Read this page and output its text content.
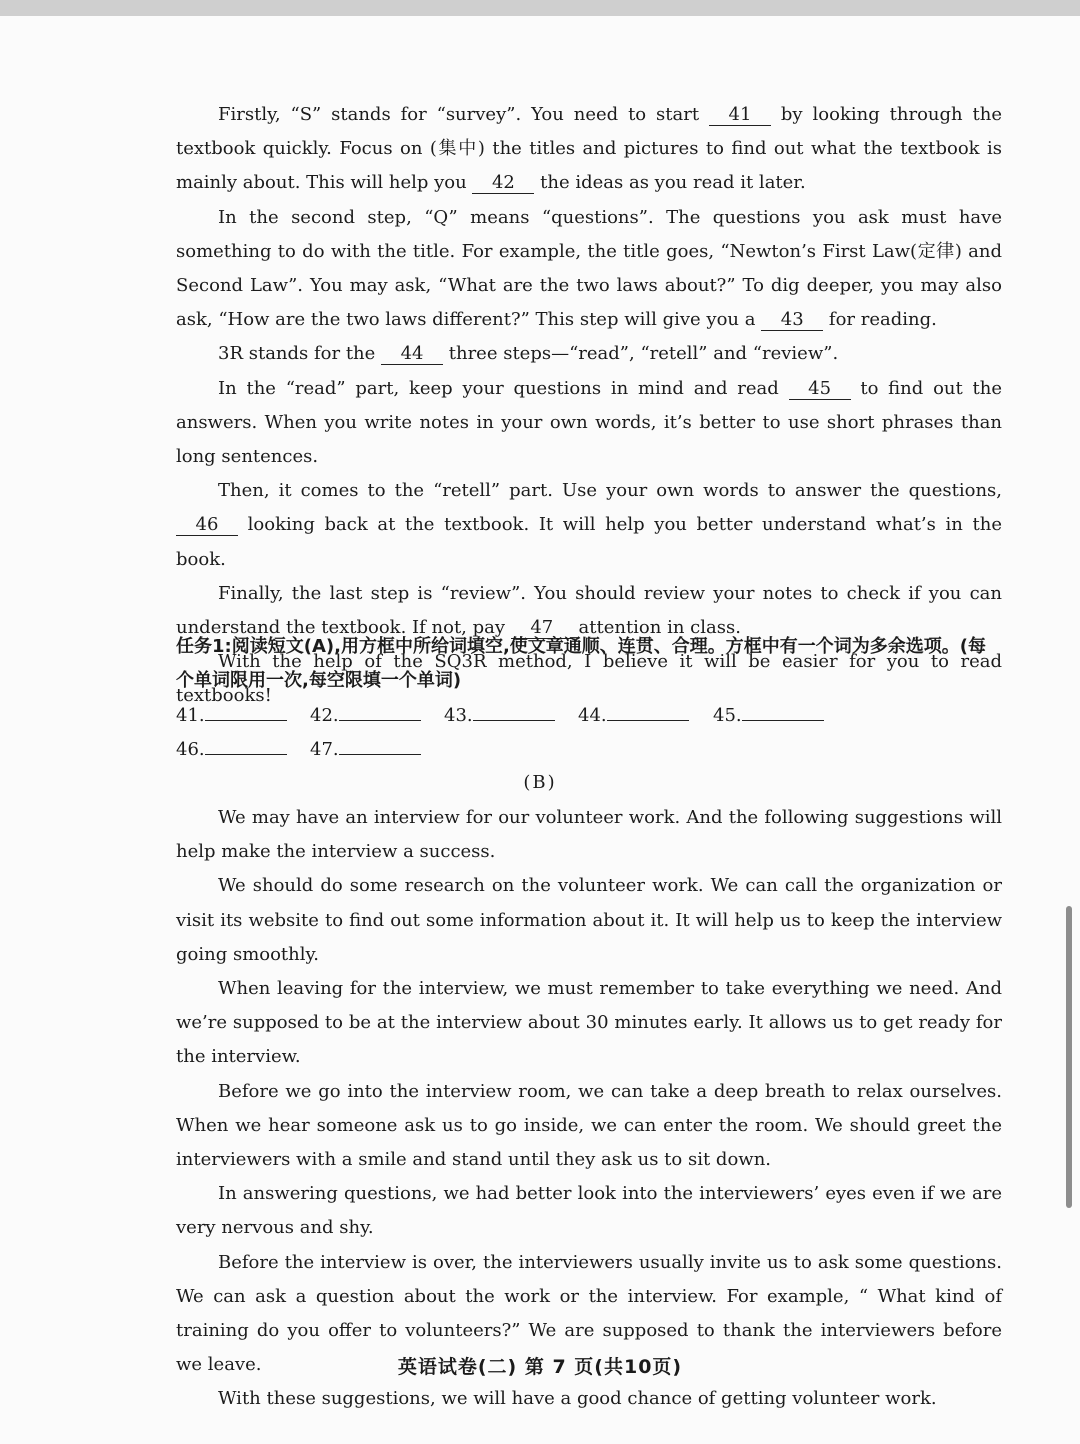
Firstly, “S” stands for “survey”. You need to start 41 by looking through the textbook quickly. Focus on (集中) the titles and pictures to find out what the textbook is mainly about. This will help you 42 the ideas as you read it later.

In the second step, “Q” means “questions”. The questions you ask must have something to do with the title. For example, the title goes, “Newton’s First Law(定律) and Second Law”. You may ask, “What are the two laws about?” To dig deeper, you may also ask, “How are the two laws different?” This step will give you a 43 for reading.

3R stands for the 44 three steps—“read”, “retell” and “review”.

In the “read” part, keep your questions in mind and read 45 to find out the answers. When you write notes in your own words, it’s better to use short phrases than long sentences.

Then, it comes to the “retell” part. Use your own words to answer the questions, 46 looking back at the textbook. It will help you better understand what’s in the book.

Finally, the last step is “review”. You should review your notes to check if you can understand the textbook. If not, pay 47 attention in class.

With the help of the SQ3R method, I believe it will be easier for you to read textbooks!

任务1:阅读短文(A),用方框中所给词填空,使文章通顺、连贯、合理。方框中有一个词为多余选项。(每个单词限用一次,每空限填一个单词)
41.	42.	43.	44.	45.
46.	47.
(B)

We may have an interview for our volunteer work. And the following suggestions will help make the interview a success.

We should do some research on the volunteer work. We can call the organization or visit its website to find out some information about it. It will help us to keep the interview going smoothly.

When leaving for the interview, we must remember to take everything we need. And we’re supposed to be at the interview about 30 minutes early. It allows us to get ready for the interview.

Before we go into the interview room, we can take a deep breath to relax ourselves. When we hear someone ask us to go inside, we can enter the room. We should greet the interviewers with a smile and stand until they ask us to sit down.

In answering questions, we had better look into the interviewers’ eyes even if we are very nervous and shy.

Before the interview is over, the interviewers usually invite us to ask some questions. We can ask a question about the work or the interview. For example, “ What kind of training do you offer to volunteers?” We are supposed to thank the interviewers before we leave.

With these suggestions, we will have a good chance of getting volunteer work.

英语试卷(二) 第 7 页(共10页)
